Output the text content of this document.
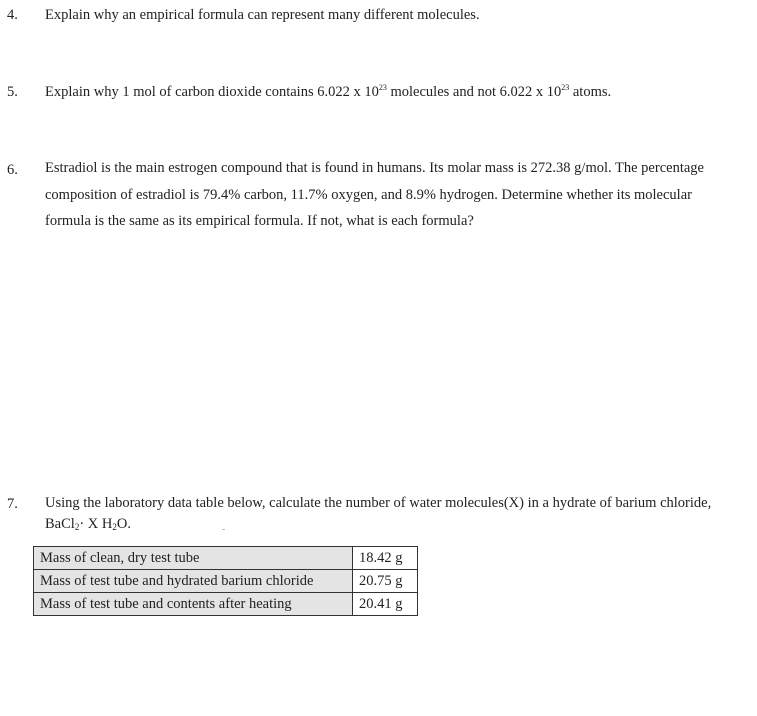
4. Explain why an empirical formula can represent many different molecules.
5. Explain why 1 mol of carbon dioxide contains 6.022 x $10^{23}$ molecules and not 6.022 x $10^{23}$ atoms.
6. Estradiol is the main estrogen compound that is found in humans. Its molar mass is 272.38 g/mol. The percentage composition of estradiol is 79.4% carbon, 11.7% oxygen, and 8.9% hydrogen. Determine whether its molecular formula is the same as its empirical formula. If not, what is each formula?
7. Using the laboratory data table below, calculate the number of water molecules(X) in a hydrate of barium chloride, BaCl$_2$· X $H_2O$.
Mass of clean, dry test tube	18.42 g
Mass of test tube and hydrated barium chloride	20.75 g
Mass of test tube and contents after heating	20.41 g
